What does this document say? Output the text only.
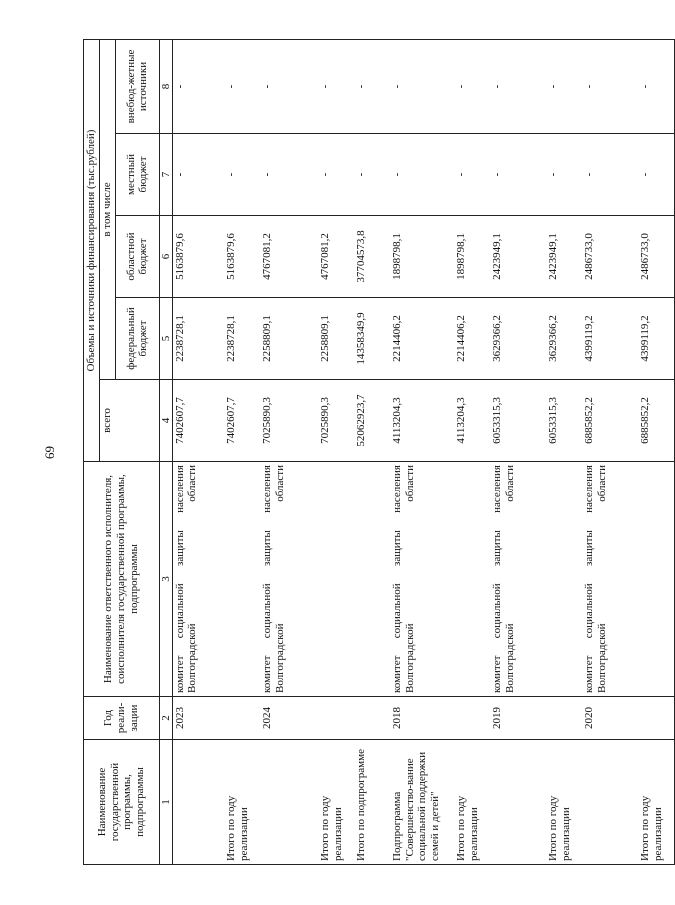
69
Наименование государственной программы, подпрограммы	Год реали-зации	Наименование ответственного исполнителя, соисполнителя государственной программы, подпрограммы	Объемы и источники финансирования (тыс.рублей)				
			всего	в том числе			
				федеральный бюджет	областной бюджет	местный бюджет	внебюд-жетные источники
1	2	3	4	5	6	7	8
	2023	комитет социальной защиты населения Волгоградской области	7402607,7	2238728,1	5163879,6	-	-
Итого по году реализации			7402607,7	2238728,1	5163879,6	-	-
	2024	комитет социальной защиты населения Волгоградской области	7025890,3	2258809,1	4767081,2	-	-
Итого по году реализации			7025890,3	2258809,1	4767081,2	-	-
Итого по подпрограмме			52062923,7	14358349,9	37704573,8	-	-
Подпрограмма "Совершенство-вание социальной поддержки семей и детей"	2018	комитет социальной защиты населения Волгоградской области	4113204,3	2214406,2	1898798,1	-	-
Итого по году реализации			4113204,3	2214406,2	1898798,1	-	-
	2019	комитет социальной защиты населения Волгоградской области	6053315,3	3629366,2	2423949,1	-	-
Итого по году реализации			6053315,3	3629366,2	2423949,1	-	-
	2020	комитет социальной защиты населения Волгоградской области	6885852,2	4399119,2	2486733,0	-	-
Итого по году реализации			6885852,2	4399119,2	2486733,0	-	-
